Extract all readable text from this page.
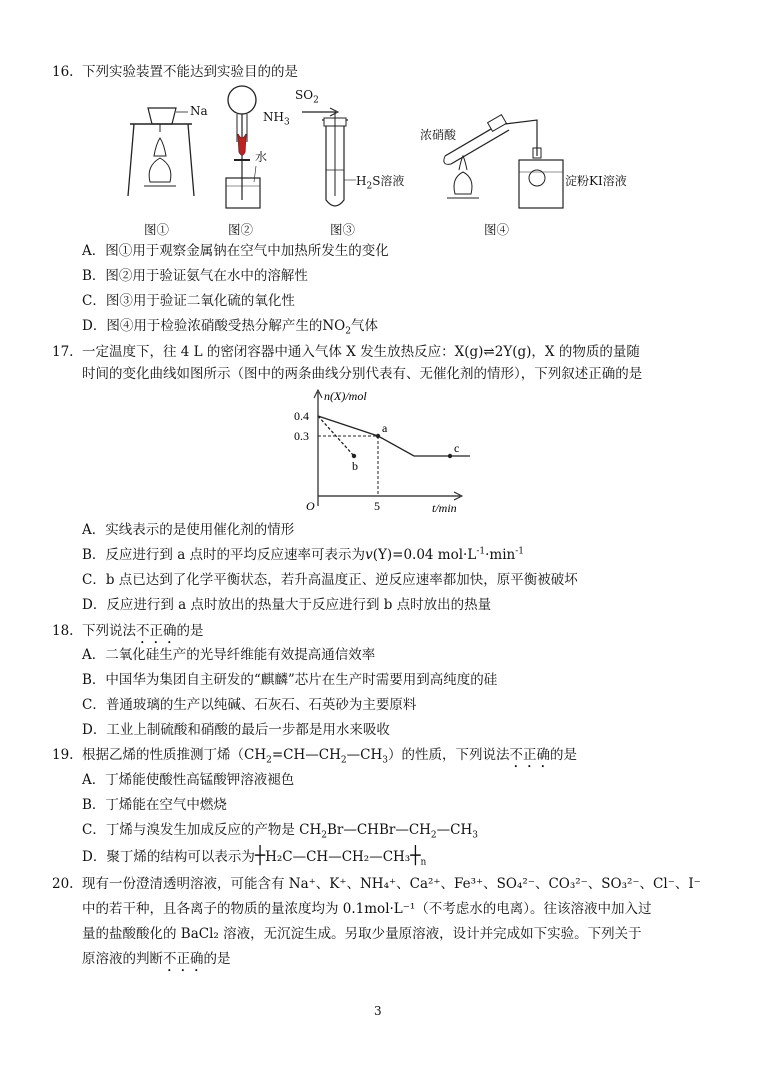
16. 下列实验装置不能达到实验目的的是
Na	$NH_3$
水
$SO_2$
$H_2S$溶液
浓硝酸
淀粉KI溶液
图①	图②	图③	图④
A．图①用于观察金属钠在空气中加热所发生的变化
B．图②用于验证氨气在水中的溶解性
C．图③用于验证二氧化硫的氧化性
D．图④用于检验浓硝酸受热分解产生的$NO_2$气体
17. 一定温度下，往 4 L 的密闭容器中通入气体 X 发生放热反应：X(g)⇌2Y(g)，X 的物质的量随
时间的变化曲线如图所示（图中的两条曲线分别代表有、无催化剂的情形），下列叙述正确的是
0.4
0.3
5
a
b
c
n(X)/mol
t/min
O
A．实线表示的是使用催化剂的情形
B．反应进行到 a 点时的平均反应速率可表示为v(Y)=0.04 $mol\cdot L^{-1}\cdot\min^{-1}$
C．b 点已达到了化学平衡状态，若升高温度正、逆反应速率都加快，原平衡被破坏
D．反应进行到 a 点时放出的热量大于反应进行到 b 点时放出的热量
18. 下列说法不正确的是
A．二氧化硅生产的光导纤维能有效提高通信效率
B．中国华为集团自主研发的“麒麟”芯片在生产时需要用到高纯度的硅
C．普通玻璃的生产以纯碱、石灰石、石英砂为主要原料
D．工业上制硫酸和硝酸的最后一步都是用水来吸收
19. 根据乙烯的性质推测丁烯$(CH_2=CH—CH_2—CH_3)$的性质，下列说法不正确的是
A．丁烯能使酸性高锰酸钾溶液褪色
B．丁烯能在空气中燃烧
C．丁烯与溴发生加成反应的产物是 $CH_2Br—CHBr—CH_2—CH_3$
D．聚丁烯的结构可以表示为$┼H_2C—CH—CH_2—CH_3┼_n$
20. 现有一份澄清透明溶液，可能含有 Na⁺、K⁺、NH₄⁺、Ca²⁺、Fe³⁺、SO₄²⁻、CO₃²⁻、SO₃²⁻、Cl⁻、I⁻
中的若干种，且各离子的物质的量浓度均为 0.1mol·L⁻¹（不考虑水的电离）。往该溶液中加入过
量的盐酸酸化的 BaCl₂ 溶液，无沉淀生成。另取少量原溶液，设计并完成如下实验。下列关于
原溶液的判断不正确的是
3
